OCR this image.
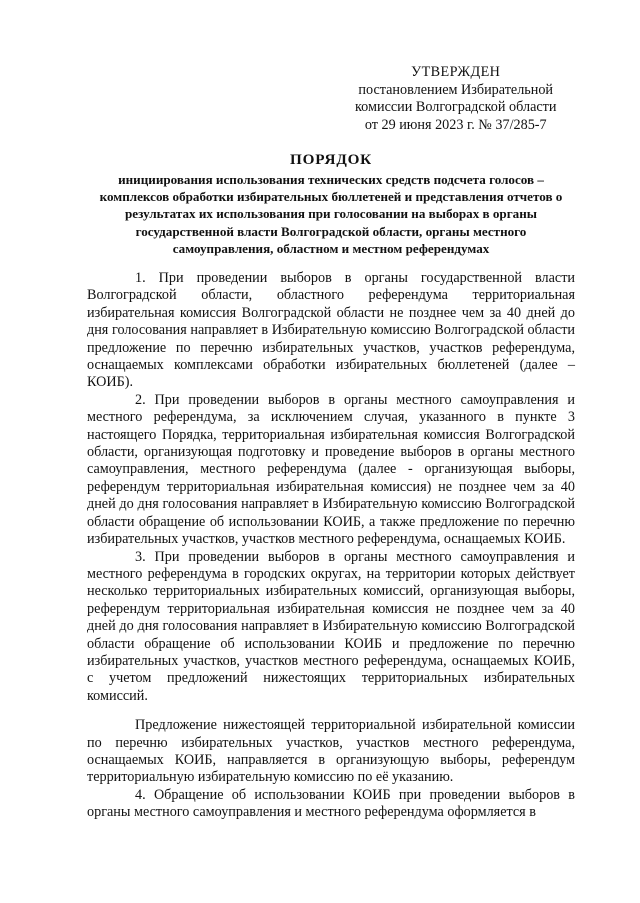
УТВЕРЖДЕН
постановлением Избирательной
комиссии Волгоградской области
от 29 июня 2023 г. № 37/285-7
ПОРЯДОК
инициирования использования технических средств подсчета голосов – комплексов обработки избирательных бюллетеней и представления отчетов о результатах их использования при голосовании на выборах в органы государственной власти Волгоградской области, органы местного самоуправления, областном и местном референдумах

1. При проведении выборов в органы государственной власти Волгоградской области, областного референдума территориальная избирательная комиссия Волгоградской области не позднее чем за 40 дней до дня голосования направляет в Избирательную комиссию Волгоградской области предложение по перечню избирательных участков, участков референдума, оснащаемых комплексами обработки избирательных бюллетеней (далее – КОИБ).

2. При проведении выборов в органы местного самоуправления и местного референдума, за исключением случая, указанного в пункте 3 настоящего Порядка, территориальная избирательная комиссия Волгоградской области, организующая подготовку и проведение выборов в органы местного самоуправления, местного референдума (далее - организующая выборы, референдум территориальная избирательная комиссия) не позднее чем за 40 дней до дня голосования направляет в Избирательную комиссию Волгоградской области обращение об использовании КОИБ, а также предложение по перечню избирательных участков, участков местного референдума, оснащаемых КОИБ.

3. При проведении выборов в органы местного самоуправления и местного референдума в городских округах, на территории которых действует несколько территориальных избирательных комиссий, организующая выборы, референдум территориальная избирательная комиссия не позднее чем за 40 дней до дня голосования направляет в Избирательную комиссию Волгоградской области обращение об использовании КОИБ и предложение по перечню избирательных участков, участков местного референдума, оснащаемых КОИБ, с учетом предложений нижестоящих территориальных избирательных комиссий.

Предложение нижестоящей территориальной избирательной комиссии по перечню избирательных участков, участков местного референдума, оснащаемых КОИБ, направляется в организующую выборы, референдум территориальную избирательную комиссию по её указанию.

4. Обращение об использовании КОИБ при проведении выборов в органы местного самоуправления и местного референдума оформляется в
